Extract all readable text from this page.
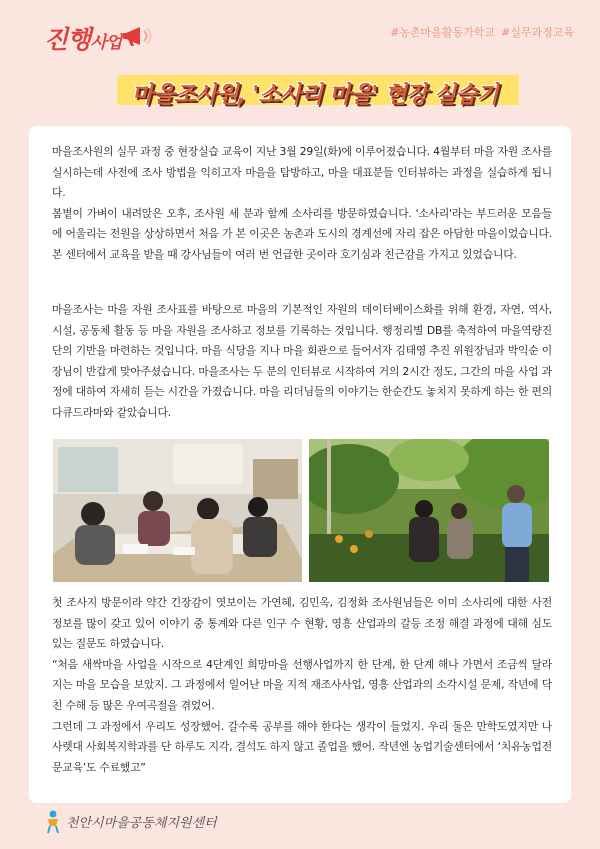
진행사업
#농촌마을활동가학교 #실무과정교육
마을조사원, '소사리 마을' 현장 실습기

마을조사원의 실무 과정 중 현장실습 교육이 지난 3월 29일(화)에 이루어졌습니다. 4월부터 마을 자원 조사를 실시하는데 사전에 조사 방법을 익히고자 마을을 탐방하고, 마을 대표분들 인터뷰하는 과정을 실습하게 됩니다.

봄볕이 가벼이 내려앉은 오후, 조사원 세 분과 함께 소사리를 방문하였습니다. '소사리'라는 부드러운 모음들에 어울리는 전원을 상상하면서 처음 가 본 이곳은 농촌과 도시의 경계선에 자리 잡은 아담한 마을이었습니다. 본 센터에서 교육을 받을 때 강사님들이 여러 번 언급한 곳이라 호기심과 친근감을 가지고 있었습니다.

마을조사는 마을 자원 조사표를 바탕으로 마을의 기본적인 자원의 데이터베이스화를 위해 환경, 자연, 역사, 시설, 공동체 활동 등 마을 자원을 조사하고 정보를 기록하는 것입니다. 행정리별 DB를 축적하여 마을역량진단의 기반을 마련하는 것입니다. 마을 식당을 지나 마을 회관으로 들어서자 김태영 추진 위원장님과 박익순 이장님이 반갑게 맞아주셨습니다. 마을조사는 두 분의 인터뷰로 시작하여 거의 2시간 정도, 그간의 마을 사업 과정에 대하여 자세히 듣는 시간을 가졌습니다. 마을 리더님들의 이야기는 한순간도 놓치지 못하게 하는 한 편의 다큐드라마와 같았습니다.

첫 조사지 방문이라 약간 긴장감이 엿보이는 가연혜, 김민옥, 김정화 조사원님들은 이미 소사리에 대한 사전 정보를 많이 갖고 있어 이야기 중 통계와 다른 인구 수 현황, 영흥 산업과의 갈등 조정 해결 과정에 대해 심도 있는 질문도 하였습니다.

“처음 새싹마을 사업을 시작으로 4단계인 희망마을 선행사업까지 한 단계, 한 단계 해나 가면서 조금씩 달라지는 마을 모습을 보았지. 그 과정에서 일어난 마을 지적 재조사사업, 영흥 산업과의 소각시설 문제, 작년에 닥친 수해 등 많은 우여곡절을 겪었어.

그런데 그 과정에서 우리도 성장했어. 갈수록 공부를 해야 한다는 생각이 들었지. 우리 둘은 만학도였지만 나사렛대 사회복지학과를 단 하루도 지각, 결석도 하지 않고 졸업을 했어. 작년엔 농업기술센터에서 ‘치유농업전문교육’도 수료했고”

천안시마을공동체지원센터
